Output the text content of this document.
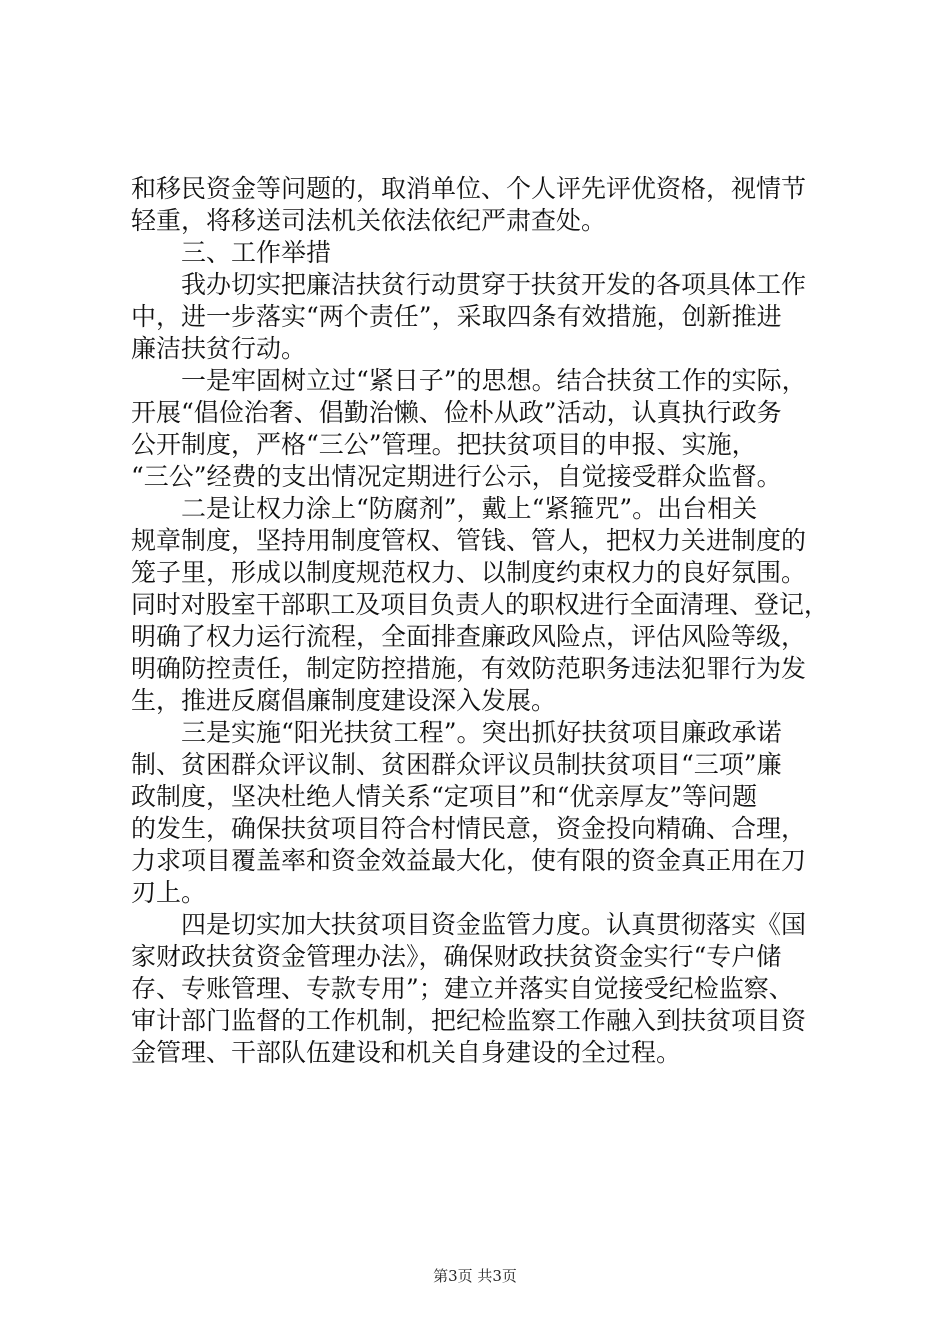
和移民资金等问题的，取消单位、个人评先评优资格，视情节
轻重，将移送司法机关依法依纪严肃查处。
三、工作举措
我办切实把廉洁扶贫行动贯穿于扶贫开发的各项具体工作
中，进一步落实“两个责任”，采取四条有效措施，创新推进
廉洁扶贫行动。
一是牢固树立过“紧日子”的思想。结合扶贫工作的实际，
开展“倡俭治奢、倡勤治懒、俭朴从政”活动，认真执行政务
公开制度，严格“三公”管理。把扶贫项目的申报、实施，
“三公”经费的支出情况定期进行公示，自觉接受群众监督。
二是让权力涂上“防腐剂”，戴上“紧箍咒”。出台相关
规章制度，坚持用制度管权、管钱、管人，把权力关进制度的
笼子里，形成以制度规范权力、以制度约束权力的良好氛围。
同时对股室干部职工及项目负责人的职权进行全面清理、登记，
明确了权力运行流程，全面排查廉政风险点，评估风险等级，
明确防控责任，制定防控措施，有效防范职务违法犯罪行为发
生，推进反腐倡廉制度建设深入发展。
三是实施“阳光扶贫工程”。突出抓好扶贫项目廉政承诺
制、贫困群众评议制、贫困群众评议员制扶贫项目“三项”廉
政制度，坚决杜绝人情关系“定项目”和“优亲厚友”等问题
的发生，确保扶贫项目符合村情民意，资金投向精确、合理，
力求项目覆盖率和资金效益最大化，使有限的资金真正用在刀
刃上。
四是切实加大扶贫项目资金监管力度。认真贯彻落实《国
家财政扶贫资金管理办法》，确保财政扶贫资金实行“专户储
存、专账管理、专款专用”；建立并落实自觉接受纪检监察、
审计部门监督的工作机制，把纪检监察工作融入到扶贫项目资
金管理、干部队伍建设和机关自身建设的全过程。
第3页 共3页
